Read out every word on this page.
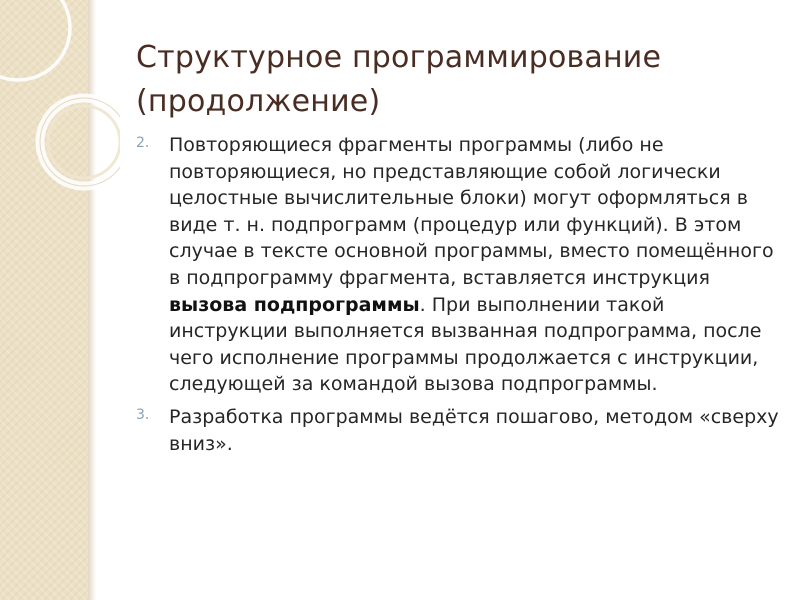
Структурное программирование
(продолжение)
2. Повторяющиеся фрагменты программы (либо не повторяющиеся, но представляющие собой логически целостные вычислительные блоки) могут оформляться в виде т. н. подпрограмм (процедур или функций). В этом случае в тексте основной программы, вместо помещённого в подпрограмму фрагмента, вставляется инструкция вызова подпрограммы. При выполнении такой инструкции выполняется вызванная подпрограмма, после чего исполнение программы продолжается с инструкции, следующей за командой вызова подпрограммы.
3. Разработка программы ведётся пошагово, методом «сверху вниз».
